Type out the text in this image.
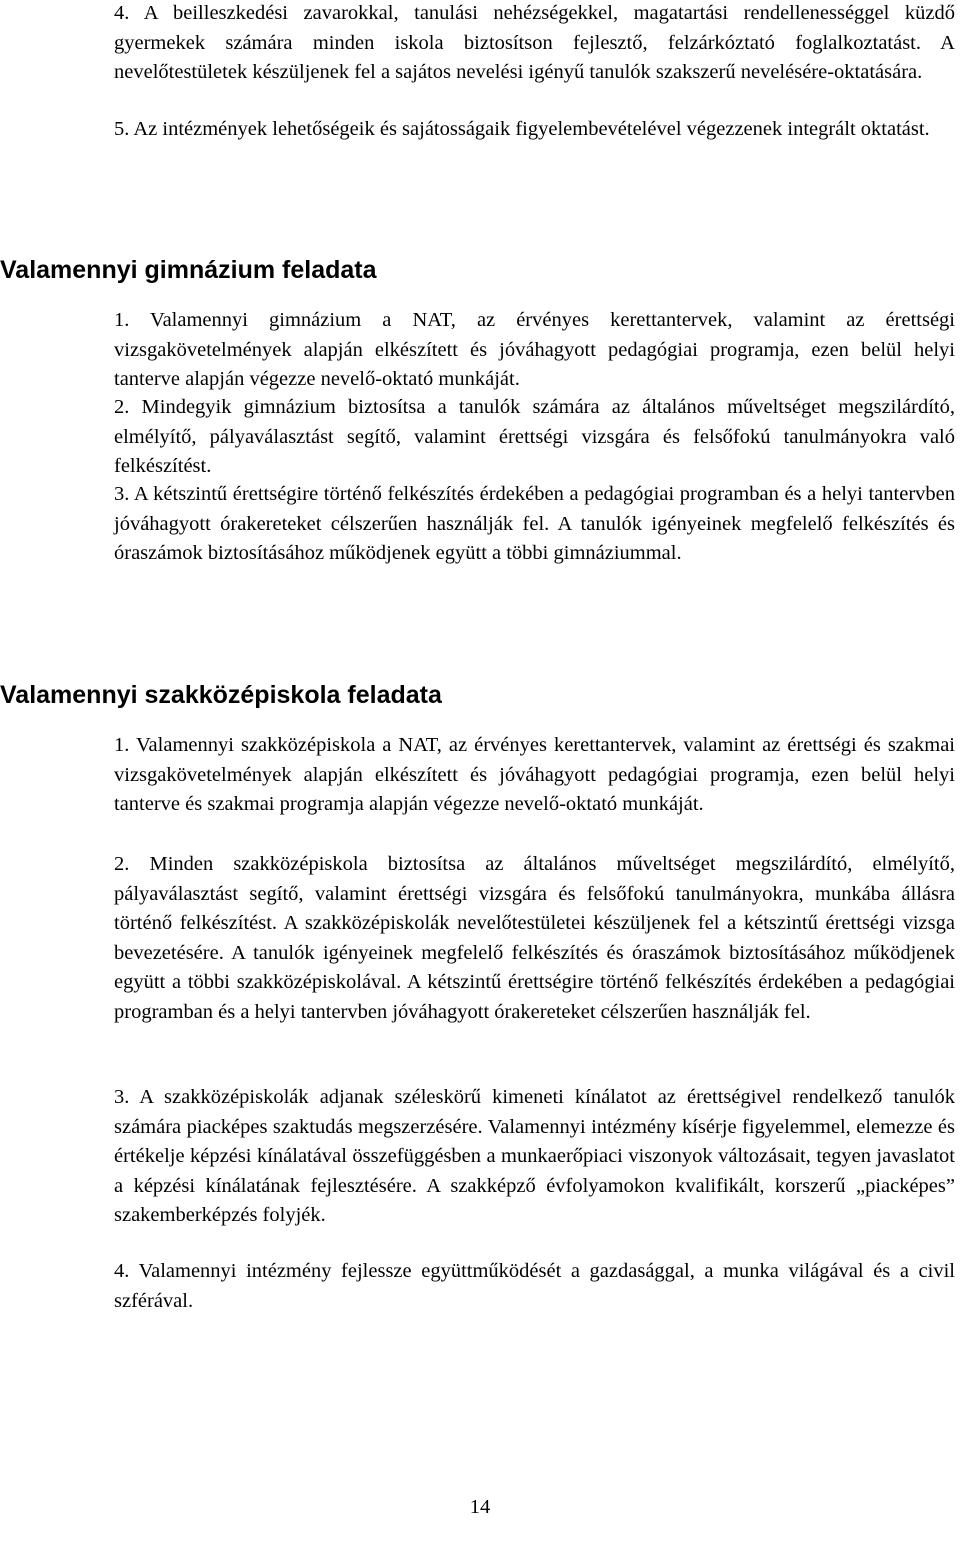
4. A beilleszkedési zavarokkal, tanulási nehézségekkel, magatartási rendellenességgel küzdő gyermekek számára minden iskola biztosítson fejlesztő, felzárkóztató foglalkoztatást. A nevelőtestületek készüljenek fel a sajátos nevelési igényű tanulók szakszerű nevelésére-oktatására.

5. Az intézmények lehetőségeik és sajátosságaik figyelembevételével végezzenek integrált oktatást.

Valamennyi gimnázium feladata

1. Valamennyi gimnázium a NAT, az érvényes kerettantervek, valamint az érettségi vizsgakövetelmények alapján elkészített és jóváhagyott pedagógiai programja, ezen belül helyi tanterve alapján végezze nevelő-oktató munkáját.

2. Mindegyik gimnázium biztosítsa a tanulók számára az általános műveltséget megszilárdító, elmélyítő, pályaválasztást segítő, valamint érettségi vizsgára és felsőfokú tanulmányokra való felkészítést.

3. A kétszintű érettségire történő felkészítés érdekében a pedagógiai programban és a helyi tantervben jóváhagyott órakereteket célszerűen használják fel. A tanulók igényeinek megfelelő felkészítés és óraszámok biztosításához működjenek együtt a többi gimnáziummal.

Valamennyi szakközépiskola feladata

1. Valamennyi szakközépiskola a NAT, az érvényes kerettantervek, valamint az érettségi és szakmai vizsgakövetelmények alapján elkészített és jóváhagyott pedagógiai programja, ezen belül helyi tanterve és szakmai programja alapján végezze nevelő-oktató munkáját.

2. Minden szakközépiskola biztosítsa az általános műveltséget megszilárdító, elmélyítő, pályaválasztást segítő, valamint érettségi vizsgára és felsőfokú tanulmányokra, munkába állásra történő felkészítést. A szakközépiskolák nevelőtestületei készüljenek fel a kétszintű érettségi vizsga bevezetésére. A tanulók igényeinek megfelelő felkészítés és óraszámok biztosításához működjenek együtt a többi szakközépiskolával. A kétszintű érettségire történő felkészítés érdekében a pedagógiai programban és a helyi tantervben jóváhagyott órakereteket célszerűen használják fel.

3. A szakközépiskolák adjanak széleskörű kimeneti kínálatot az érettségivel rendelkező tanulók számára piacképes szaktudás megszerzésére. Valamennyi intézmény kísérje figyelemmel, elemezze és értékelje képzési kínálatával összefüggésben a munkaerőpiaci viszonyok változásait, tegyen javaslatot a képzési kínálatának fejlesztésére. A szakképző évfolyamokon kvalifikált, korszerű „piacképes” szakemberképzés folyjék.

4. Valamennyi intézmény fejlessze együttműködését a gazdasággal, a munka világával és a civil szférával.

14
